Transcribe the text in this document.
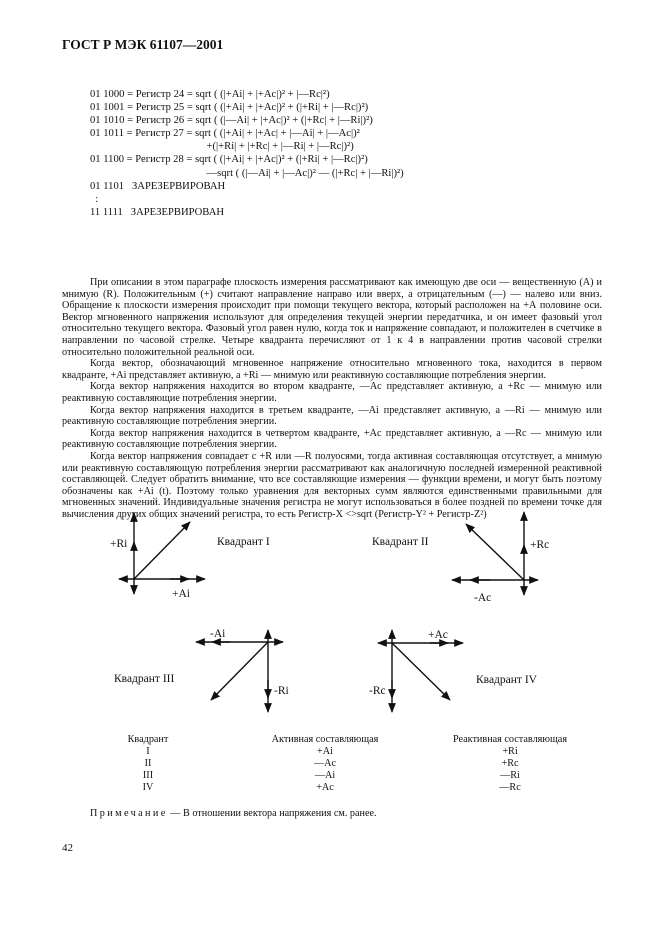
ГОСТ Р МЭК 61107—2001
01 1000 = Регистр 24 = sqrt ( (|+Ai| + |+Ac|)² + |—Rc|²)
01 1001 = Регистр 25 = sqrt ( (|+Ai| + |+Ac|)² + (|+Ri| + |—Rc|)²)
01 1010 = Регистр 26 = sqrt ( (|—Ai| + |+Ac|)² + (|+Rc| + |—Ri|)²)
01 1011 = Регистр 27 = sqrt ( (|+Ai| + |+Ac| + |—Ai| + |—Ac|)²
+(|+Ri| + |+Rc| + |—Ri| + |—Rc|)²)
01 1100 = Регистр 28 = sqrt ( (|+Ai| + |+Ac|)² + (|+Ri| + |—Rc|)²)
—sqrt ( (|—Ai| + |—Ac|)² — (|+Rc| + |—Ri|)²)
01 1101   ЗАРЕЗЕРВИРОВАН
:
11 1111   ЗАРЕЗЕРВИРОВАН

При описании в этом параграфе плоскость измерения рассматривают как имеющую две оси — вещественную (А) и мнимую (R). Положительным (+) считают направление направо или вверх, а отрицательным (—) — налево или вниз. Обращение к плоскости измерения происходит при помощи текущего вектора, который расположен на +А половине оси. Вектор мгновенного напряжения используют для определения текущей энергии передатчика, и он имеет фазовый угол относительно текущего вектора. Фазовый угол равен нулю, когда ток и напряжение совпадают, и положителен в счетчике в направлении по часовой стрелке. Четыре квадранта перечисляют от 1 к 4 в направлении против часовой стрелки относительно положительной реальной оси.

Когда вектор, обозначающий мгновенное напряжение относительно мгновенного тока, находится в первом квадранте, +Ai представляет активную, а +Ri — мнимую или реактивную составляющие потребления энергии.

Когда вектор напряжения находится во втором квадранте, —Ac представляет активную, а +Rc — мнимую или реактивную составляющие потребления энергии.

Когда вектор напряжения находится в третьем квадранте, —Ai представляет активную, а —Ri — мнимую или реактивную составляющие потребления энергии.

Когда вектор напряжения находится в четвертом квадранте, +Ac представляет активную, а —Rc — мнимую или реактивную составляющие потребления энергии.

Когда вектор напряжения совпадает с +R или —R полуосями, тогда активная составляющая отсутствует, а мнимую или реактивную составляющую потребления энергии рассматривают как аналогичную последней измеренной реактивной составляющей. Следует обратить внимание, что все составляющие измерения — функции времени, и могут быть поэтому обозначены как +Ai (t). Поэтому только уравнения для векторных сумм являются единственными правильными для мгновенных значений. Индивидуальные значения регистра не могут использоваться в более поздней по времени точке для вычисления других общих значений регистра, то есть Регистр-X <>sqrt (Регистр-Y² + Регистр-Z²)

Квадрант I
+Ri
+Ai
Квадрант II	+Rc
-Ac
Квадрант III
-Ri
-Ai
Квадрант IV
-Rc
+Ac
Квадрант
I
II
III
IV
Активная составляющая
+Ai
—Ac
—Ai
+Ac
Реактивная составляющая
+Ri
+Rc
—Ri
—Rc
Примечание — В отношении вектора напряжения см. ранее.
42
